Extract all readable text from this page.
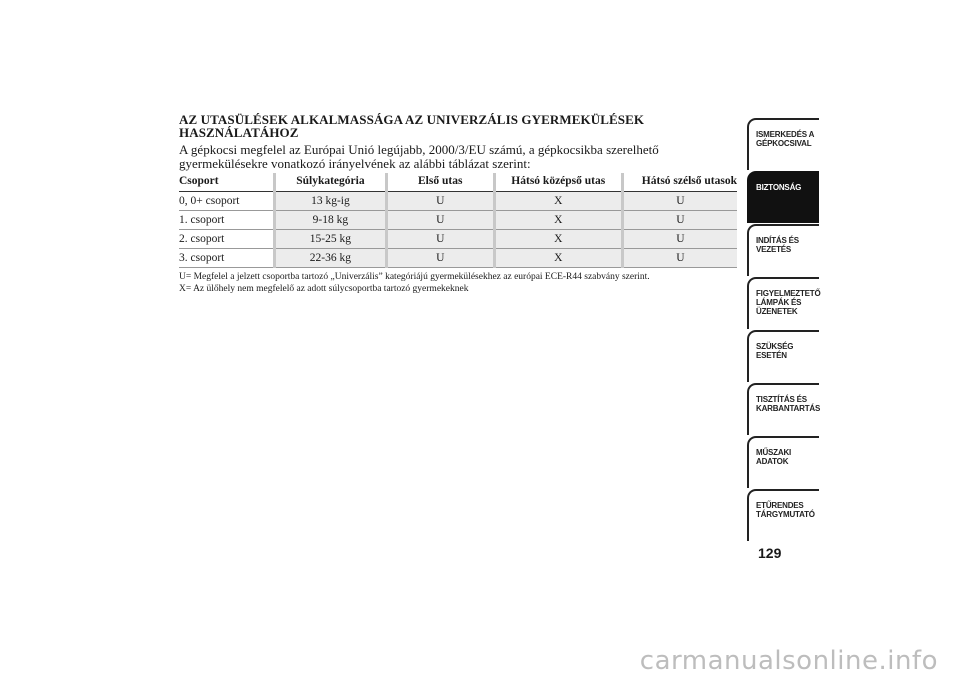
AZ UTASÜLÉSEK ALKALMASSÁGA AZ UNIVERZÁLIS GYERMEKÜLÉSEK
HASZNÁLATÁHOZ

A gépkocsi megfelel az Európai Unió legújabb, 2000/3/EU számú, a gépkocsikba szerelhető gyermekülésekre vonatkozó irányelvének az alábbi táblázat szerint:

Csoport	Súlykategória	Első utas	Hátsó középső utas	Hátsó szélső utasok
0, 0+ csoport	13 kg-ig	U	X	U
1. csoport	9-18 kg	U	X	U
2. csoport	15-25 kg	U	X	U
3. csoport	22-36 kg	U	X	U
U= Megfelel a jelzett csoportba tartozó „Univerzális” kategóriájú gyermekülésekhez az európai ECE-R44 szabvány szerint.
X= Az ülőhely nem megfelelő az adott súlycsoportba tartozó gyermekeknek
ISMERKEDÉS A
GÉPKOCSIVAL
BIZTONSÁG
INDÍTÁS ÉS
VEZETÉS
FIGYELMEZTETŐ
LÁMPÁK ÉS
ÜZENETEK
SZÜKSÉG ESETÉN
TISZTÍTÁS ÉS
KARBANTARTÁS
MŰSZAKI ADATOK
ETŰRENDES
TÁRGYMUTATÓ
129
carmanualsonline.info
